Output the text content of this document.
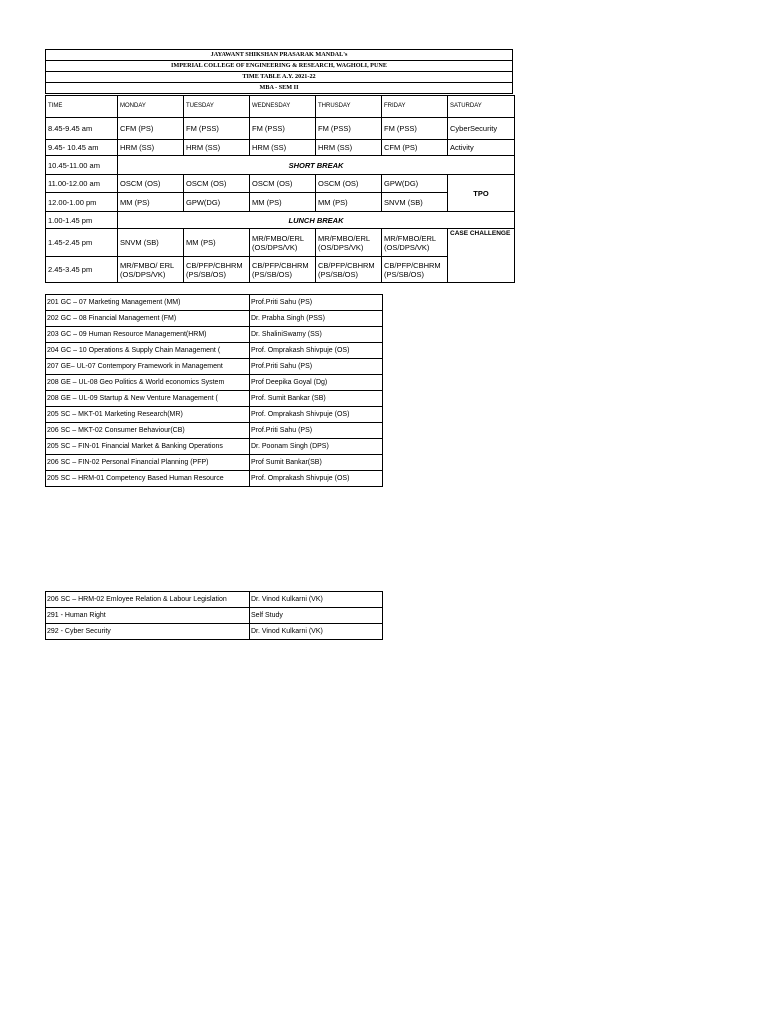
JAYAWANT SHIKSHAN PRASARAK MANDAL's
IMPERIAL COLLEGE OF ENGINEERING & RESEARCH, WAGHOLI, PUNE
TIME TABLE A.Y. 2021-22
MBA - SEM II
TIME	MONDAY	TUESDAY	WEDNESDAY	THRUSDAY	FRIDAY	SATURDAY
8.45-9.45 am	CFM (PS)	FM (PSS)	FM (PSS)	FM (PSS)	FM (PSS)	CyberSecurity
9.45- 10.45 am	HRM (SS)	HRM (SS)	HRM (SS)	HRM (SS)	CFM (PS)	Activity
10.45-11.00 am	SHORT BREAK					
11.00-12.00 am	OSCM (OS)	OSCM (OS)	OSCM (OS)	OSCM (OS)	GPW(DG)	TPO
12.00-1.00 pm	MM (PS)	GPW(DG)	MM (PS)	MM (PS)	SNVM (SB)	
1.00-1.45 pm	LUNCH BREAK					
1.45-2.45 pm	SNVM (SB)	MM (PS)	MR/FMBO/ERL (OS/DPS/VK)	MR/FMBO/ERL (OS/DPS/VK)	MR/FMBO/ERL (OS/DPS/VK)	CASE CHALLENGE
2.45-3.45 pm	MR/FMBO/ ERL (OS/DPS/VK)	CB/PFP/CBHRM (PS/SB/OS)	CB/PFP/CBHRM (PS/SB/OS)	CB/PFP/CBHRM (PS/SB/OS)	CB/PFP/CBHRM (PS/SB/OS)	
201 GC – 07 Marketing Management (MM)	Prof.Priti Sahu (PS)
202 GC – 08 Financial Management (FM)	Dr. Prabha Singh (PSS)
203 GC – 09 Human Resource Management(HRM)	Dr. ShaliniSwamy (SS)
204 GC – 10 Operations & Supply Chain Management (	Prof. Omprakash Shivpuje (OS)
207 GE– UL-07 Contempory Framework in Management	Prof.Priti Sahu (PS)
208 GE – UL-08 Geo Politics & World economics System	Prof Deepika Goyal (Dg)
208 GE – UL-09 Startup & New Venture Management (	Prof. Sumit Bankar (SB)
205 SC – MKT-01 Marketing Research(MR)	Prof. Omprakash Shivpuje (OS)
206 SC – MKT-02 Consumer Behaviour(CB)	Prof.Priti Sahu (PS)
205 SC – FIN-01 Financial Market & Banking Operations	Dr. Poonam Singh (DPS)
206 SC – FIN-02 Personal Financial Planning (PFP)	Prof Sumit Bankar(SB)
205 SC – HRM-01 Competency Based Human Resource	Prof. Omprakash Shivpuje (OS)
206 SC – HRM-02 Emloyee Relation & Labour Legislation	Dr. Vinod Kulkarni (VK)
291 - Human Right	Self Study
292 - Cyber Security	Dr. Vinod Kulkarni (VK)
